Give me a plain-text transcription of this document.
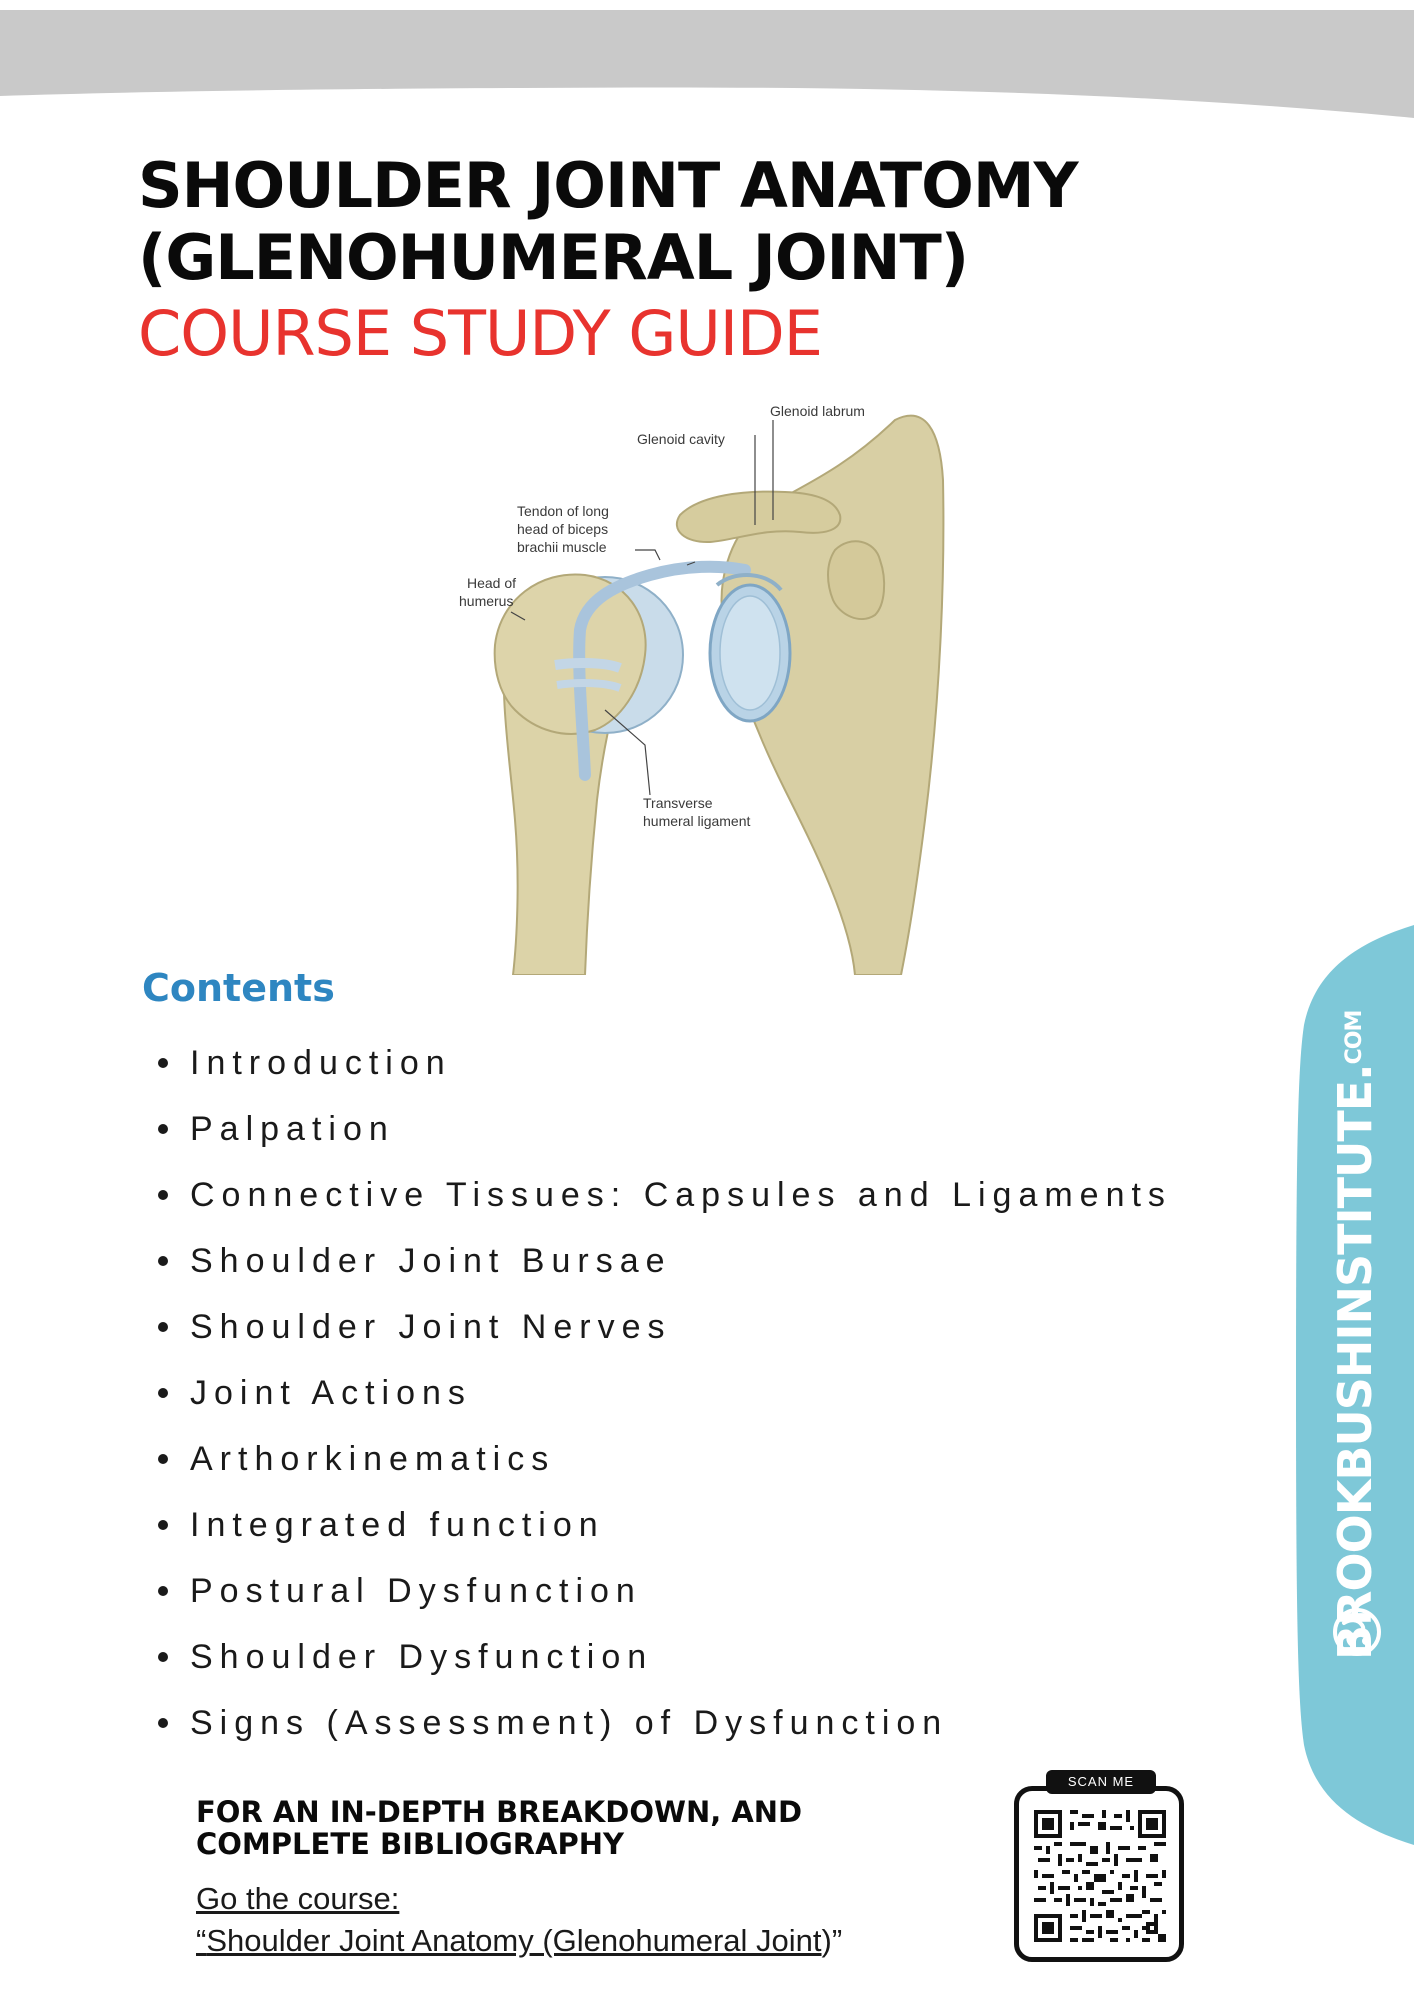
SHOULDER JOINT ANATOMY
(GLENOHUMERAL JOINT)
COURSE STUDY GUIDE
Glenoid labrum
Glenoid cavity
Tendon of long
head of biceps
brachii muscle
Head of
humerus
Transverse
humeral ligament
Contents
Introduction
Palpation
Connective Tissues: Capsules and Ligaments
Shoulder Joint Bursae
Shoulder Joint Nerves
Joint Actions
Arthorkinematics
Integrated function
Postural Dysfunction
Shoulder Dysfunction
Signs (Assessment) of Dysfunction
BROOKBUSHINSTITUTE.$^{COM}$
FOR AN IN-DEPTH BREAKDOWN, AND
COMPLETE BIBLIOGRAPHY
Go the course:
“Shoulder Joint Anatomy (Glenohumeral Joint)”
SCAN ME
